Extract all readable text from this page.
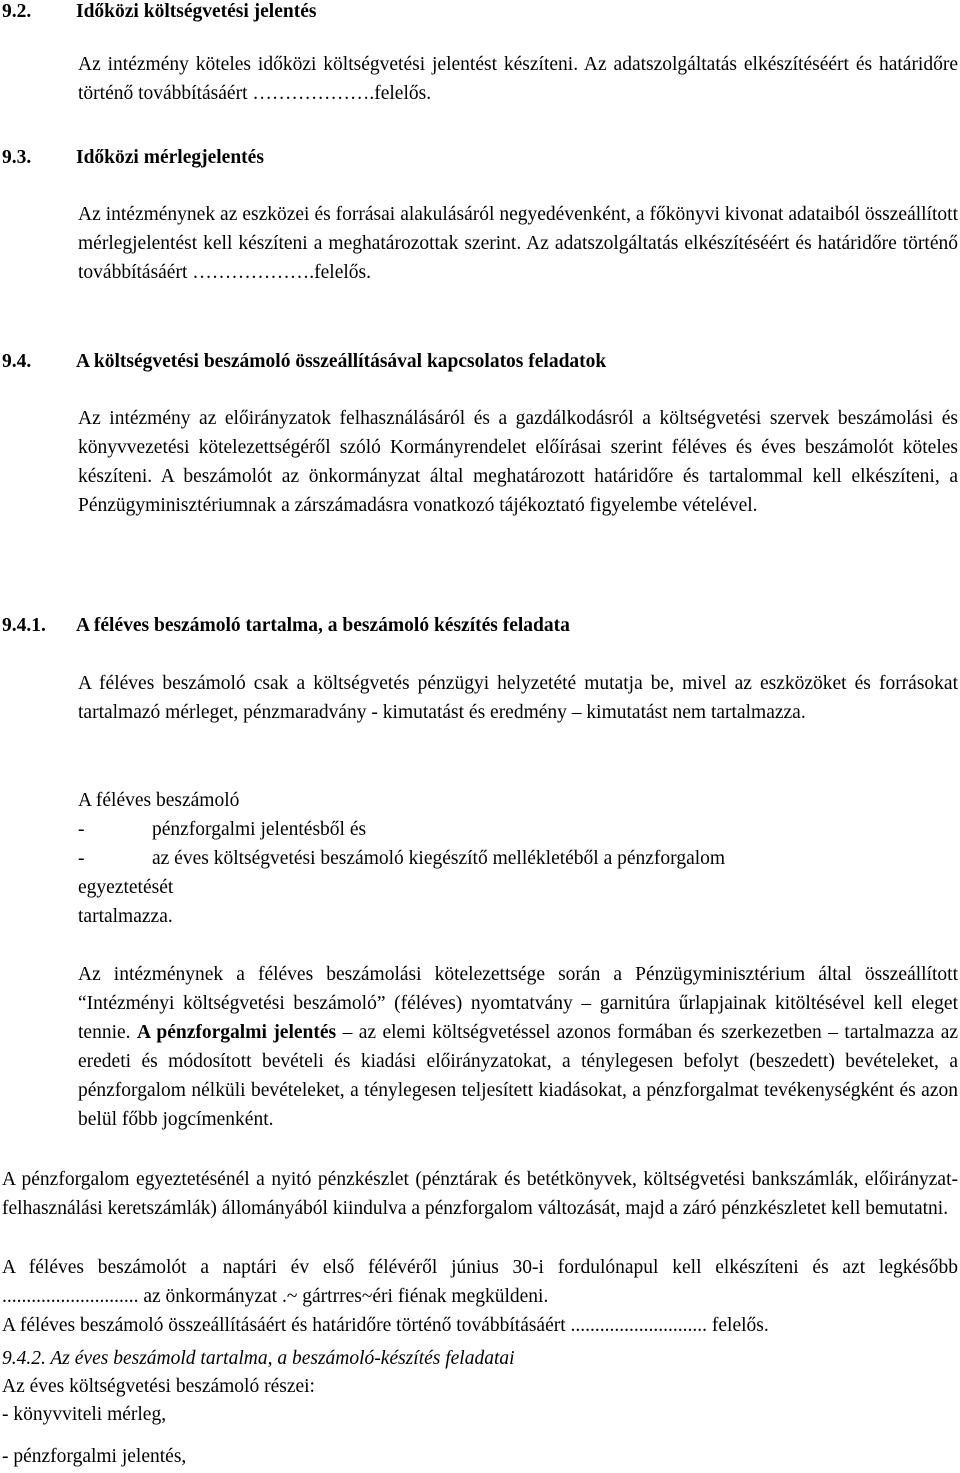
9.2. Időközi költségvetési jelentés
Az intézmény köteles időközi költségvetési jelentést készíteni. Az adatszolgáltatás elkészítéséért és határidőre történő továbbításáért ……………….felelős.
9.3. Időközi mérlegjelentés
Az intézménynek az eszközei és forrásai alakulásáról negyedévenként, a főkönyvi kivonat adataiból összeállított mérlegjelentést kell készíteni a meghatározottak szerint. Az adatszolgáltatás elkészítéséért és határidőre történő továbbításáért ……………….felelős.
9.4. A költségvetési beszámoló összeállításával kapcsolatos feladatok
Az intézmény az előirányzatok felhasználásáról és a gazdálkodásról a költségvetési szervek beszámolási és könyvvezetési kötelezettségéről szóló Kormányrendelet előírásai szerint féléves és éves beszámolót köteles készíteni. A beszámolót az önkormányzat által meghatározott határidőre és tartalommal kell elkészíteni, a Pénzügyminisztériumnak a zárszámadásra vonatkozó tájékoztató figyelembe vételével.
9.4.1. A féléves beszámoló tartalma, a beszámoló készítés feladata
A féléves beszámoló csak a költségvetés pénzügyi helyzetété mutatja be, mivel az eszközöket és forrásokat tartalmazó mérleget, pénzmaradvány - kimutatást és eredmény – kimutatást nem tartalmazza.
A féléves beszámoló
-	pénzforgalmi jelentésből és
-	az éves költségvetési beszámoló kiegészítő mellékletéből a pénzforgalom
egyeztetését
tartalmazza.
Az intézménynek a féléves beszámolási kötelezettsége során a Pénzügyminisztérium által összeállított “Intézményi költségvetési beszámoló” (féléves) nyomtatvány – garnitúra űrlapjainak kitöltésével kell eleget tennie. A pénzforgalmi jelentés – az elemi költségvetéssel azonos formában és szerkezetben – tartalmazza az eredeti és módosított bevételi és kiadási előirányzatokat, a ténylegesen befolyt (beszedett) bevételeket, a pénzforgalom nélküli bevételeket, a ténylegesen teljesített kiadásokat, a pénzforgalmat tevékenységként és azon belül főbb jogcímenként.
A pénzforgalom egyeztetésénél a nyitó pénzkészlet (pénztárak és betétkönyvek, költségvetési bankszámlák, előirányzat-felhasználási keretszámlák) állományából kiindulva a pénzforgalom változását, majd a záró pénzkészletet kell bemutatni.
A féléves beszámolót a naptári év első félévéről június 30-i fordulónapul kell elkészíteni és azt legkésőbb ............................ az önkormányzat .~ gártrres~éri fiénak megküldeni.
A féléves beszámoló összeállításáért és határidőre történő továbbításáért ............................ felelős.
9.4.2. Az éves beszámold tartalma, a beszámoló-készítés feladatai
Az éves költségvetési beszámoló részei:
- könyvviteli mérleg,
- pénzforgalmi jelentés,
